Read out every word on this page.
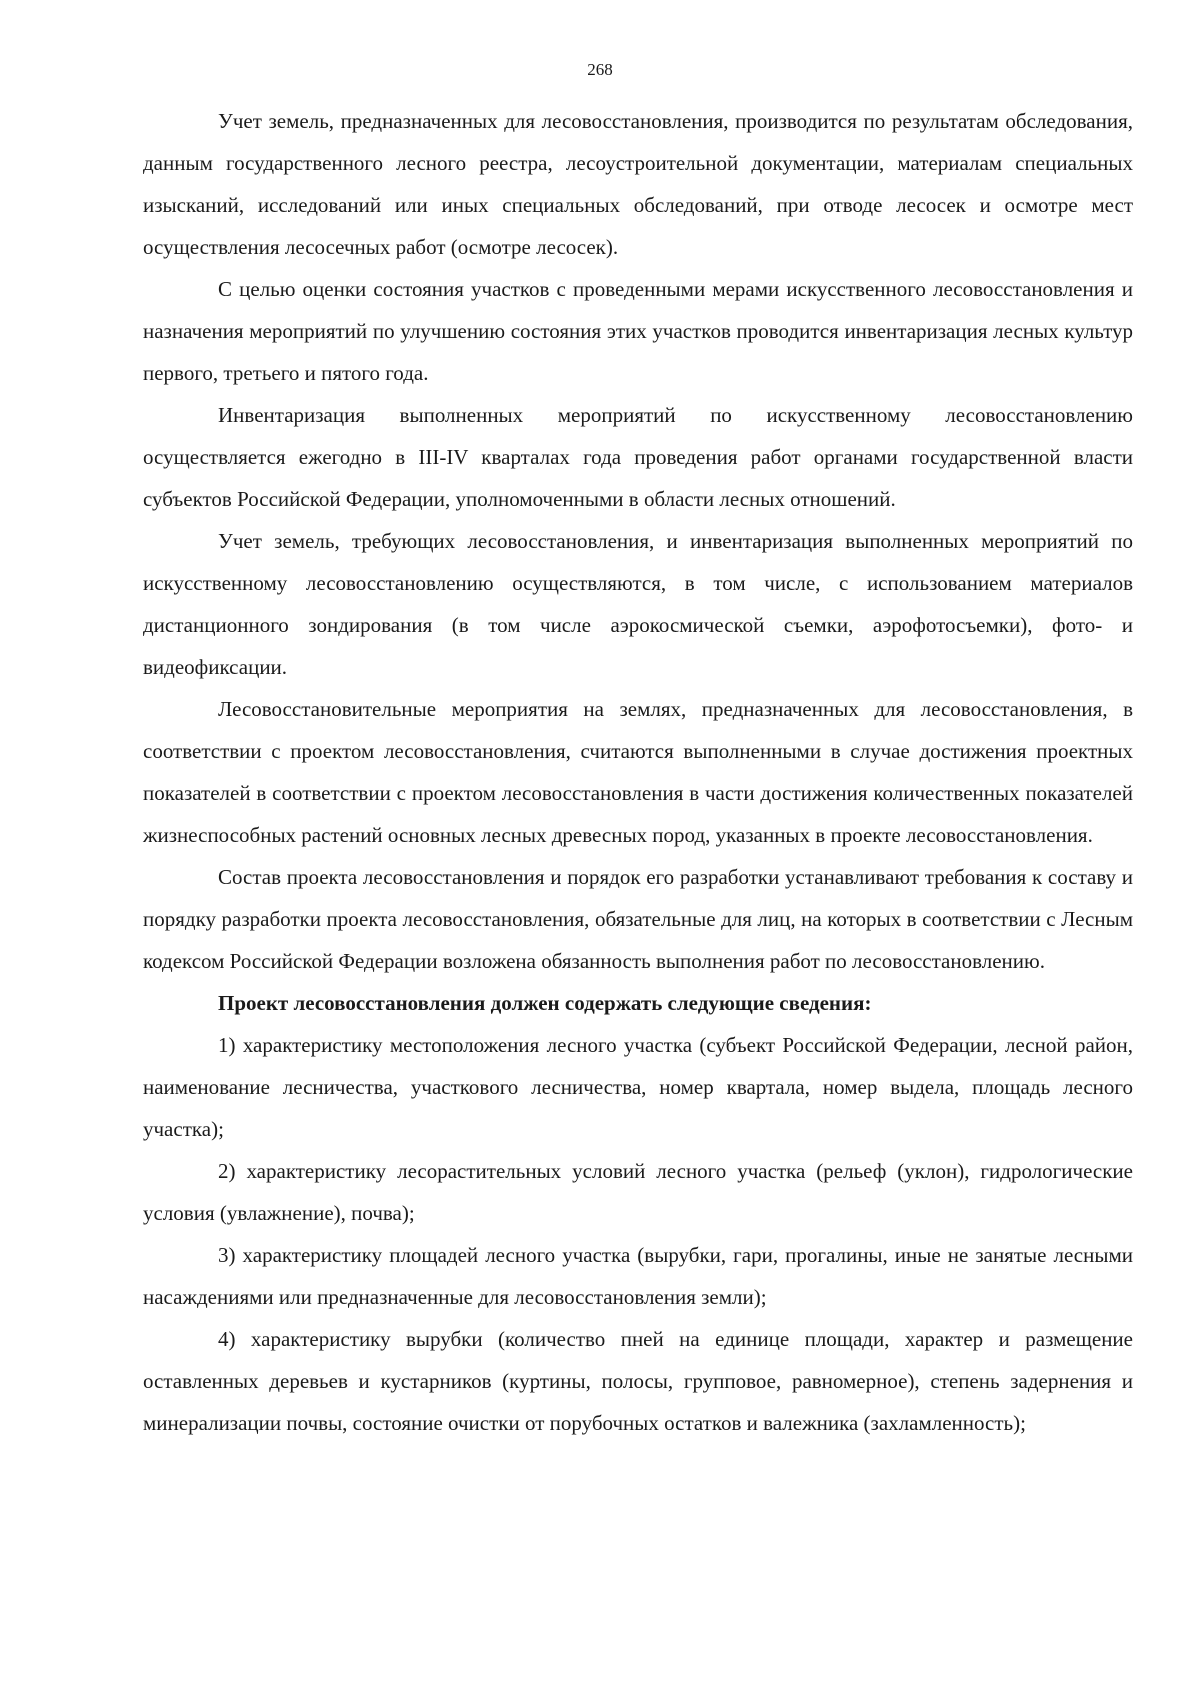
268

Учет земель, предназначенных для лесовосстановления, производится по результатам обследования, данным государственного лесного реестра, лесоустроительной документации, материалам специальных изысканий, исследований или иных специальных обследований, при отводе лесосек и осмотре мест осуществления лесосечных работ (осмотре лесосек).

С целью оценки состояния участков с проведенными мерами искусственного лесовосстановления и назначения мероприятий по улучшению состояния этих участков проводится инвентаризация лесных культур первого, третьего и пятого года.

Инвентаризация выполненных мероприятий по искусственному лесовосстановлению осуществляется ежегодно в III-IV кварталах года проведения работ органами государственной власти субъектов Российской Федерации, уполномоченными в области лесных отношений.

Учет земель, требующих лесовосстановления, и инвентаризация выполненных мероприятий по искусственному лесовосстановлению осуществляются, в том числе, с использованием материалов дистанционного зондирования (в том числе аэрокосмической съемки, аэрофотосъемки), фото- и видеофиксации.

Лесовосстановительные мероприятия на землях, предназначенных для лесовосстановления, в соответствии с проектом лесовосстановления, считаются выполненными в случае достижения проектных показателей в соответствии с проектом лесовосстановления в части достижения количественных показателей жизнеспособных растений основных лесных древесных пород, указанных в проекте лесовосстановления.

Состав проекта лесовосстановления и порядок его разработки устанавливают требования к составу и порядку разработки проекта лесовосстановления, обязательные для лиц, на которых в соответствии с Лесным кодексом Российской Федерации возложена обязанность выполнения работ по лесовосстановлению.

Проект лесовосстановления должен содержать следующие сведения:

1) характеристику местоположения лесного участка (субъект Российской Федерации, лесной район, наименование лесничества, участкового лесничества, номер квартала, номер выдела, площадь лесного участка);

2) характеристику лесорастительных условий лесного участка (рельеф (уклон), гидрологические условия (увлажнение), почва);

3) характеристику площадей лесного участка (вырубки, гари, прогалины, иные не занятые лесными насаждениями или предназначенные для лесовосстановления земли);

4) характеристику вырубки (количество пней на единице площади, характер и размещение оставленных деревьев и кустарников (куртины, полосы, групповое, равномерное), степень задернения и минерализации почвы, состояние очистки от порубочных остатков и валежника (захламленность);
